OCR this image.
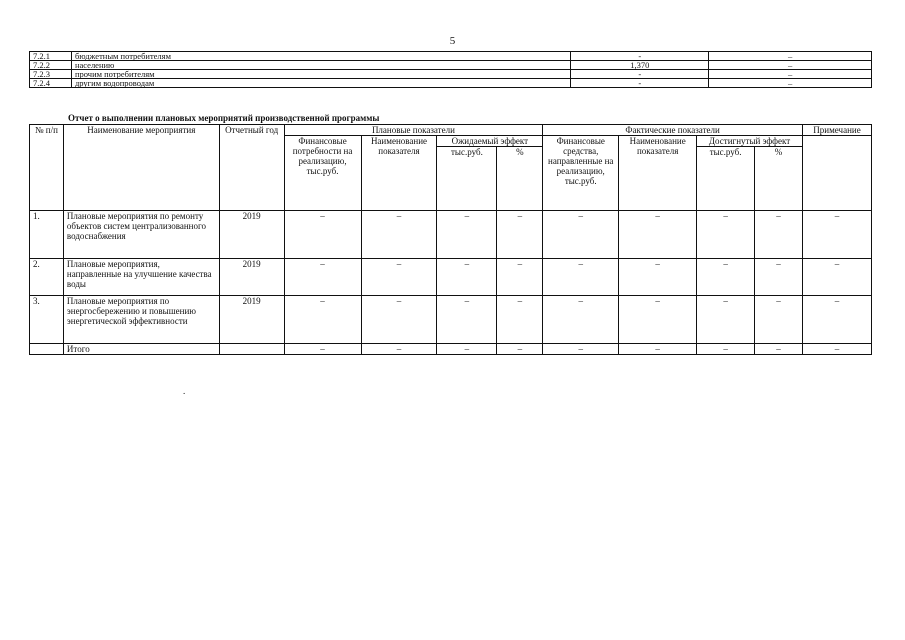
5
7.2.1	бюджетным потребителям	-	–
7.2.2	населению	1,370	–
7.2.3	прочим потребителям	-	–
7.2.4	другим водопроводам	-	–
Отчет о выполнении плановых мероприятий производственной программы
№ п/п	Наименование мероприятия	Отчетный год	Плановые показатели				Фактические показатели				Примечание
			Финансовые потребности на реализацию, тыс.руб.	Наименование показателя	Ожидаемый эффект		Финансовые средства, направленные на реализацию, тыс.руб.	Наименование показателя	Достигнутый эффект		
					тыс.руб.	%			тыс.руб.	%	
1.	Плановые мероприятия по ремонту объектов систем централизованного водоснабжения	2019	–	–	–	–	–	–	–	–	–
2.	Плановые мероприятия, направленные на улучшение качества воды	2019	–	–	–	–	–	–	–	–	–
3.	Плановые мероприятия по энергосбережению и повышению энергетической эффективности	2019	–	–	–	–	–	–	–	–	–
	Итого		–	–	–	–	–	–	–	–	–
.
